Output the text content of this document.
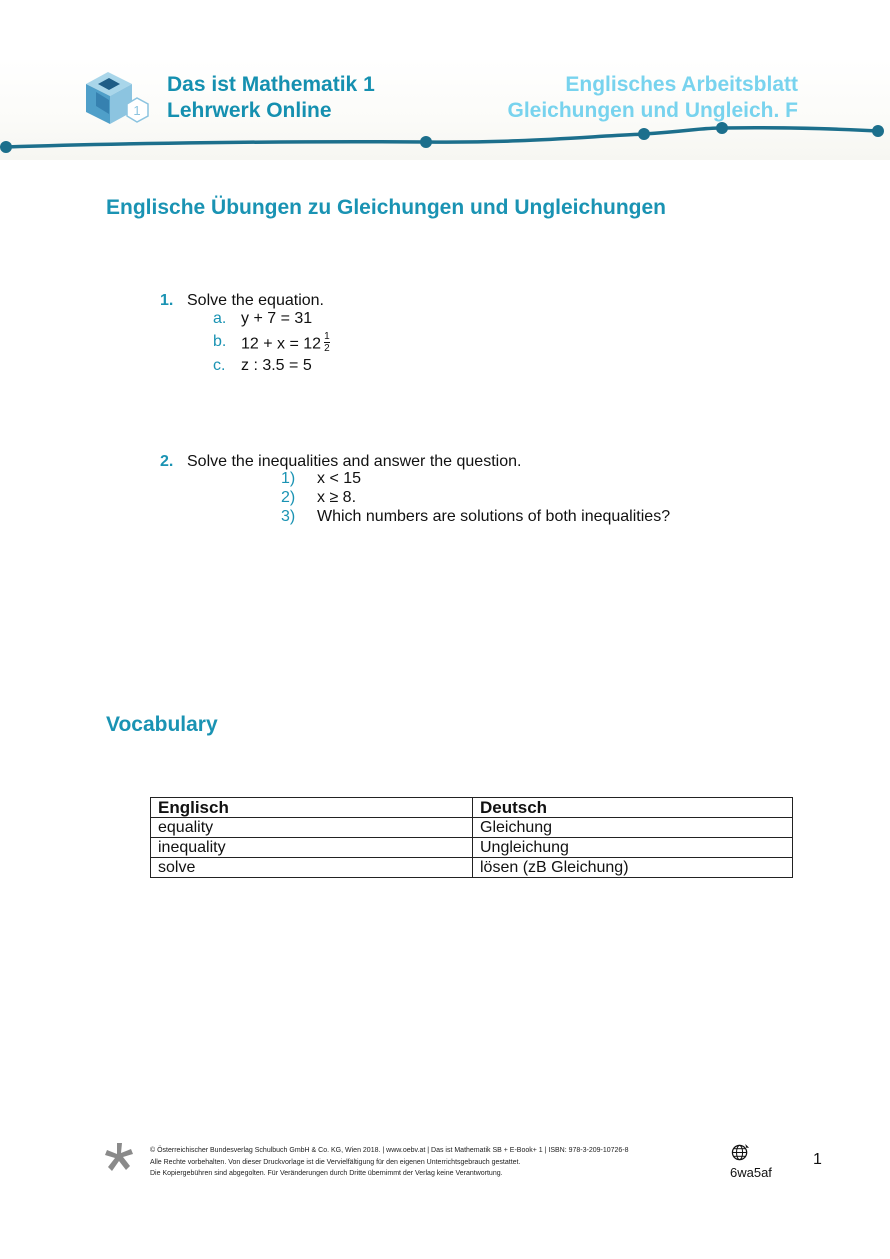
1
Das ist Mathematik 1
Lehrwerk Online
Englisches Arbeitsblatt
Gleichungen und Ungleich. F
Englische Übungen zu Gleichungen und Ungleichungen
1. Solve the equation.
a. y + 7 = 31
b. $12 + x = 12 \frac{1}{2}$
c. z : 3.5 = 5
2. Solve the inequalities and answer the question.
1) x < 15
2) x ≥ 8.
3) Which numbers are solutions of both inequalities?
Vocabulary
Englisch	Deutsch
equality	Gleichung
inequality	Ungleichung
solve	lösen (zB Gleichung)
© Österreichischer Bundesverlag Schulbuch GmbH & Co. KG, Wien 2018. | www.oebv.at | Das ist Mathematik SB + E-Book+ 1 | ISBN: 978-3-209-10726-8
Alle Rechte vorbehalten. Von dieser Druckvorlage ist die Vervielfältigung für den eigenen Unterrichtsgebrauch gestattet.
Die Kopiergebühren sind abgegolten. Für Veränderungen durch Dritte übernimmt der Verlag keine Verantwortung.	6wa5af
1
